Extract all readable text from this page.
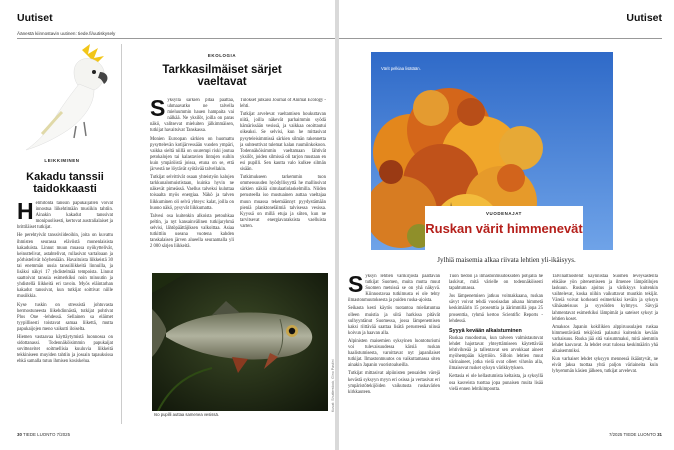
Uutiset
Äänestä kiinnostavin uutinen: tiede.fi/uutiskysely
LEIKKIMINEN
Kakadu tanssii taidokkaasti
H elmitöntä tanssin papukaijallen voivat innostua liikehtimään musiikin tahtiin. Ainakin kakadut tanssivat monipuolisesti, kertovat australialaiset ja brittiläiset tutkijat.

He perehtyivät tanssiviideoihin, joita on kuvattu ihmisten seurassa eläviistä monenlaisista kakaduista. Linnut muun muassa nyökyttelivät, keinuttelivat, astahtelivat, rullasivat vartaloaan ja pörhistelivät höyheniään. Havaituista liikkeistä 30 tai enemmän uusia tanssiliikkeitä linnuilla, ja lisäksi näkyi 17 yhdistelmää tempoista. Linnut saattoivat tanssia esimerkiksi noin minuutin ja yhdistellä liikkeitä eri tavoin. Myös eläintarhan kakadut tanssivat, kun tutkijat soittivat niille musiikkia.

Kyse tuskin on stressistä johtuvasta hermostuneesta liikehdinnästä, tutkijat pohtivat Plos One -lehdessä. Sellainen sa eläimet tyypillisesti toistavat samaa liikettä, mutta papukaijojen meno vaikutti iloiselta.

Hiemen vastaavaa käyttäytymistä luonnossa on sidottanassi. Todennäköisimmin papukaijat sovitteavitet soitmellisia kuuluvia liikkeitä tekkiniseen muyiden tahtiin ja jossain tapauksissa ehkä samalla tutun ihmisen kosiskelua.

EKOLOGIA
Tarkkasilmäiset särjet vaeltavat
S yksyllä särkien pitää päättää, uhmaavatko ne talvella mieluummin hauen hampaita vai nälkää. Ne yksilöt, joilla on paras näkö, valitsevat mieluiten jälkimmäisen, tutkijat havaitsivat Tanskassa.

Monien Euroopan särkien on huomattu pysyttelevän kotijärvessään vuoden ympäri, vaikka sieltä niillä on suurempi riski joutua petokalojen tai kalastavien lintujen suihin kuin ympäröistä joissa, etuna on se, että järvestä ne löytävät syötävää talvellakin.

Tutkijat selvittivät osaan yhteistyön kalojen tarkkunalomuististaan, kuinka hyvin ne näkevät pimeässä. Vaellus talveksi kuluttaa toisaalta myös energiaa. Näkö ja talven liikkuminen oli selvä yhteys: kalat, joilla on huono näkö, pysyvät liikkumatta.

Talvesi osa kuitenkin alkoista petouhkaa peltin, ja nyt kansainvälinen tutkijaryhmä selvisi, lähtöpäättäjiksen valkoittaa. Asiaa tutkittiin useana vuotena kahden tanskalaisen järven alueella seuraamalla yli 2 000 särjen liikkeitä.

Tulokset julkaisi Journal of Animal Ecology -lehti.

Tutkijat arvelevat vaeltamisen houkuttavan niitä, joilla näkevät parhaimmin syödä hämärissään vesissä, ja vaikkaa osoittautui oikeaksi. Se selvisi, kun he mittasivat pysyteleisimmissä särkien silmän rakennetta ja suhteuttivat tulemat kalan ruumiinkokoon. Todennäköisimmin vaeltamaan lähtivät yksilöt, joiden silmissä oli tarjon mustaan en esi pupilli. Sen kautta valo kulkee silmän sisään.

Tutkimukseen tarkemmin tuon ommeosuuden hyödyllisyyttä he mallinsivat särkien näköä simulaatiolaskelmilla. Niiden perusteella iso mustuainen auttaa vaeltajaa muun muassa tekemäännyt pyydystämään pieniä planktoneläimiä talvisessa vesissa. Kyyssä on millä etuja ja siiten, kun ne tarvitsevat energiavaraksista vaelluista varten.

Iso pupilli auttaa samenea vesissä.
Kuvat: Shutterstock, Gino Pastini
30 TIEDE LUONTO 7/2025
Uutiset
Värit pelkiaa lisätään.
VUODENAJAT
Ruskan värit himmenevät
Jylhiä maisemia alkaa riivata lehtien yli-ikäisyys.
S yksyn lehtien värikirjosta päättävän tutkijat Suomen, muita mutta muut Suomen metsissä se on yhä näkyvä. Kiinnostavaa tutkimusta ei ole tehty ilmastonmuutoksesta ja puiden ruska-ajoista.

Seikasta kesti käytös tuotantoa mieliatuntua olleen muistia ja siitä harkissa pitävät sulhyyntänut Suomessa, jossa lämpenemisen kaksi riittävää saattaa lisätä perusteenä niinsä koivun ja haavan alla.

Alpinisten maisemien syksyinen luontoturismi voi tulevaisuudessa kärsiä ruskan haalistumisesta, varoittavat nyt japanilaiset tutkijat. Ilmastonmuutos on vaikuttamassa siten ainakin Japanin vuoristoalueilla.

Tutkijat mittasivat alpiinisten pensaiden värejä kevästä syksyyn myyn eri osissa ja vertasivat eri ympäristötekijöiden vaikutusta ruskavärien kirkkauteen.

Tuon tiedon ja ilmastonmuutoksiden pohjalla he laskivat, mitä värielle on todennäköisesti tapahtumassa.

Jos lämpenemisen jatkuu voimakkaana, ruskan sävyt voivat tehdä vuosisadan aikana himmetä keskimäärin 15 prosenttia ja äärimmillä jopa 25 prosenttia, ryhmä kertoo Scientific Reports -lehdessä.

Syyyä kevään alkaistuminen

Ruskaa muodostuu, kun talveen valmistautuvat lehdet hajottavat yhteyttämiseen käytettävää lehtivihreää ja tallentavat sen arvokkaat aineet myöhempään käyttöön. Silloin lehtien muut värinaineet, jotka vielä ovat olleet vihreän alla, ilmaisevat rusket syksyn värikkytyksen.

Kettasia ei ole kellastumista keltaista, ja syksyllä osa kasveista tuottaa jopa punaisen muita lisää vielä ennen lehtikimpoutta.

Talvinaltnostelut käynnistää Suomen leveysasteilla ehkäise yön pitenemiseen ja ilmenee lämpötilojen laskuun. Ruskan ajoitus ja värikkyys kuitenkin vaihtelevat, koska niihin vaikuttavat muutkin tekijät. Väreiä voivat korkeasti esimerkiksi keväin ja syksyn vähäsateisuus ja syysöiden kylmyys. Sävyjä lahmentavat esimerkiksi lämpimät ja sateiset syksyt ja lehtien koset.

Amaksos Japanin kokilikien alppiruusulajen ruskaa himmentävästä tekijöistä palautui kuitenkin kevään varhaisuus. Ruska jää sitä vaisummaksi, mitä aiemmin lehdet kasvavat. Ja lehdet ovat tulossa keskimäärin yhä aikaisemmiksi.

Kun varhaiset lehdet syksyyn mennessä ikääntyvät, ne eivät jaksa tuottaa yhtä paljon väriaineita kuin lyhyemmän käsien jälkeen, tutkijat arvelevat.

7/2025 TIEDE LUONTO 31
